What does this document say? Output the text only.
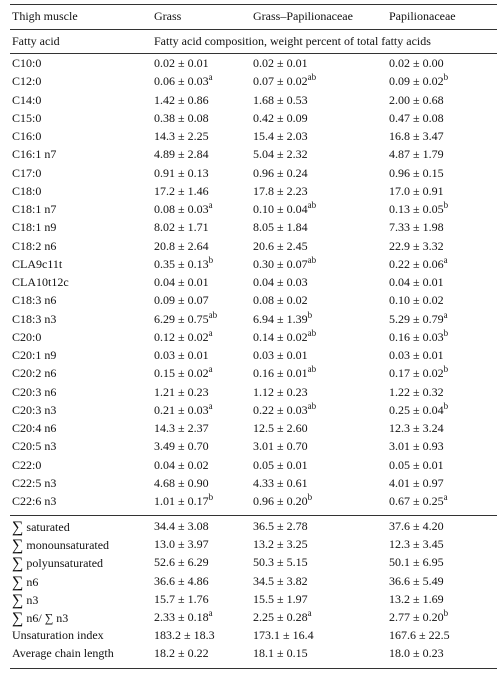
Thigh muscle	Grass	Grass–Papilionaceae	Papilionaceae
Fatty acid	Fatty acid composition, weight percent of total fatty acids
C10:0	0.02 ± 0.01	0.02 ± 0.01	0.02 ± 0.00
C12:0	0.06 ± 0.03$^a$	0.07 ± 0.02$^{ab}$	0.09 ± 0.02$^b$
C14:0	1.42 ± 0.86	1.68 ± 0.53	2.00 ± 0.68
C15:0	0.38 ± 0.08	0.42 ± 0.09	0.47 ± 0.08
C16:0	14.3 ± 2.25	15.4 ± 2.03	16.8 ± 3.47
C16:1 n7	4.89 ± 2.84	5.04 ± 2.32	4.87 ± 1.79
C17:0	0.91 ± 0.13	0.96 ± 0.24	0.96 ± 0.15
C18:0	17.2 ± 1.46	17.8 ± 2.23	17.0 ± 0.91
C18:1 n7	0.08 ± 0.03$^a$	0.10 ± 0.04$^{ab}$	0.13 ± 0.05$^b$
C18:1 n9	8.02 ± 1.71	8.05 ± 1.84	7.33 ± 1.98
C18:2 n6	20.8 ± 2.64	20.6 ± 2.45	22.9 ± 3.32
CLA9c11t	0.35 ± 0.13$^b$	0.30 ± 0.07$^{ab}$	0.22 ± 0.06$^a$
CLA10t12c	0.04 ± 0.01	0.04 ± 0.03	0.04 ± 0.01
C18:3 n6	0.09 ± 0.07	0.08 ± 0.02	0.10 ± 0.02
C18:3 n3	6.29 ± 0.75$^{ab}$	6.94 ± 1.39$^b$	5.29 ± 0.79$^a$
C20:0	0.12 ± 0.02$^a$	0.14 ± 0.02$^{ab}$	0.16 ± 0.03$^b$
C20:1 n9	0.03 ± 0.01	0.03 ± 0.01	0.03 ± 0.01
C20:2 n6	0.15 ± 0.02$^a$	0.16 ± 0.01$^{ab}$	0.17 ± 0.02$^b$
C20:3 n6	1.21 ± 0.23	1.12 ± 0.23	1.22 ± 0.32
C20:3 n3	0.21 ± 0.03$^a$	0.22 ± 0.03$^{ab}$	0.25 ± 0.04$^b$
C20:4 n6	14.3 ± 2.37	12.5 ± 2.60	12.3 ± 3.24
C20:5 n3	3.49 ± 0.70	3.01 ± 0.70	3.01 ± 0.93
C22:0	0.04 ± 0.02	0.05 ± 0.01	0.05 ± 0.01
C22:5 n3	4.68 ± 0.90	4.33 ± 0.61	4.01 ± 0.97
C22:6 n3	1.01 ± 0.17$^b$	0.96 ± 0.20$^b$	0.67 ± 0.25$^a$
∑ saturated	34.4 ± 3.08	36.5 ± 2.78	37.6 ± 4.20
∑ monounsaturated	13.0 ± 3.97	13.2 ± 3.25	12.3 ± 3.45
∑ polyunsaturated	52.6 ± 6.29	50.3 ± 5.15	50.1 ± 6.95
∑ n6	36.6 ± 4.86	34.5 ± 3.82	36.6 ± 5.49
∑ n3	15.7 ± 1.76	15.5 ± 1.97	13.2 ± 1.69
∑ n6/ ∑ n3	2.33 ± 0.18$^a$	2.25 ± 0.28$^a$	2.77 ± 0.20$^b$
Unsaturation index	183.2 ± 18.3	173.1 ± 16.4	167.6 ± 22.5
Average chain length	18.2 ± 0.22	18.1 ± 0.15	18.0 ± 0.23
